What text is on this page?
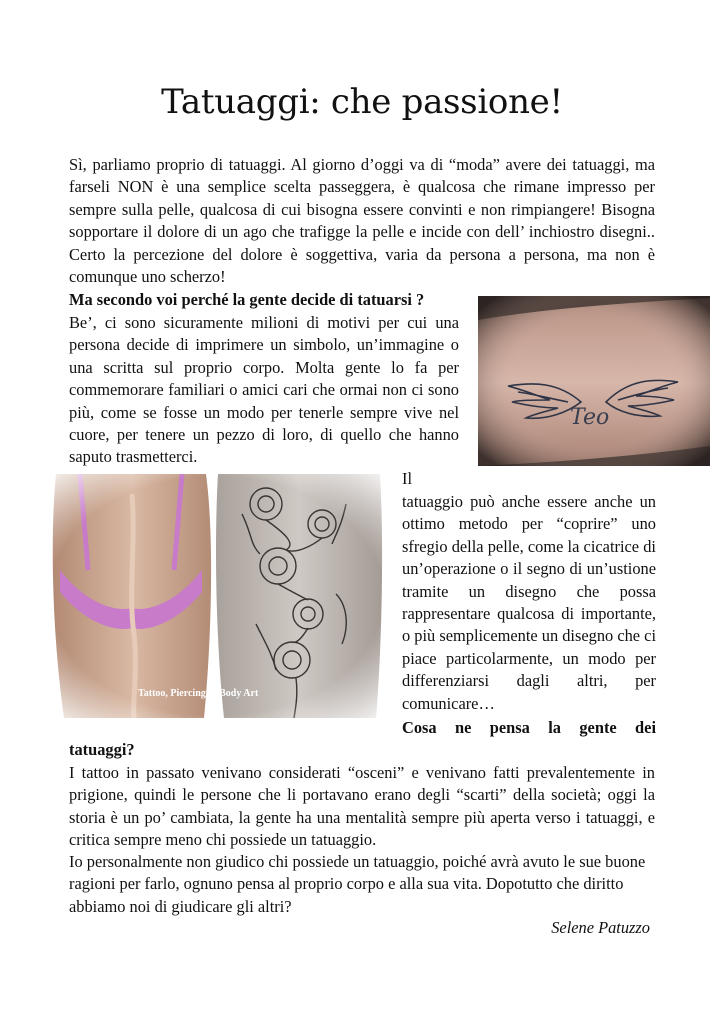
Tatuaggi: che passione!

Sì, parliamo proprio di tatuaggi. Al giorno d’oggi va di “moda” avere dei tatuaggi, ma farseli NON è una semplice scelta passeggera, è qualcosa che rimane impresso per sempre sulla pelle, qualcosa di cui bisogna essere convinti e non rimpiangere! Bisogna sopportare il dolore di un ago che trafigge la pelle e incide con dell’ inchiostro disegni.. Certo la percezione del dolore è soggettiva, varia da persona a persona, ma non è comunque uno scherzo!

Ma secondo voi perché la gente decide di tatuarsi ?

Be’, ci sono sicuramente milioni di motivi per cui una persona decide di imprimere un simbolo, un’immagine o una scritta sul proprio corpo. Molta gente lo fa per commemorare familiari o amici cari che ormai non ci sono più, come se fosse un modo per tenerle sempre vive nel cuore, per tenere un pezzo di loro, di quello che hanno saputo trasmetterci.

Il

tatuaggio può anche essere anche un ottimo metodo per “coprire” uno sfregio della pelle, come la cicatrice di un’operazione o il segno di un’ustione tramite un disegno che possa rappresentare qualcosa di importante, o più semplicemente un disegno che ci piace particolarmente, un modo per differenziarsi dagli altri, per comunicare…

Cosa ne pensa la gente dei

tatuaggi?

I tattoo in passato venivano considerati “osceni” e venivano fatti prevalentemente in prigione, quindi le persone che li portavano erano degli “scarti” della società; oggi la storia è un po’ cambiata, la gente ha una mentalità sempre più aperta verso i tatuaggi, e critica sempre meno chi possiede un tatuaggio.

Io personalmente non giudico chi possiede un tatuaggio, poiché avrà avuto le sue buone ragioni per farlo, ognuno pensa al proprio corpo e alla sua vita. Dopotutto che diritto abbiamo noi di giudicare gli altri?

Selene Patuzzo
